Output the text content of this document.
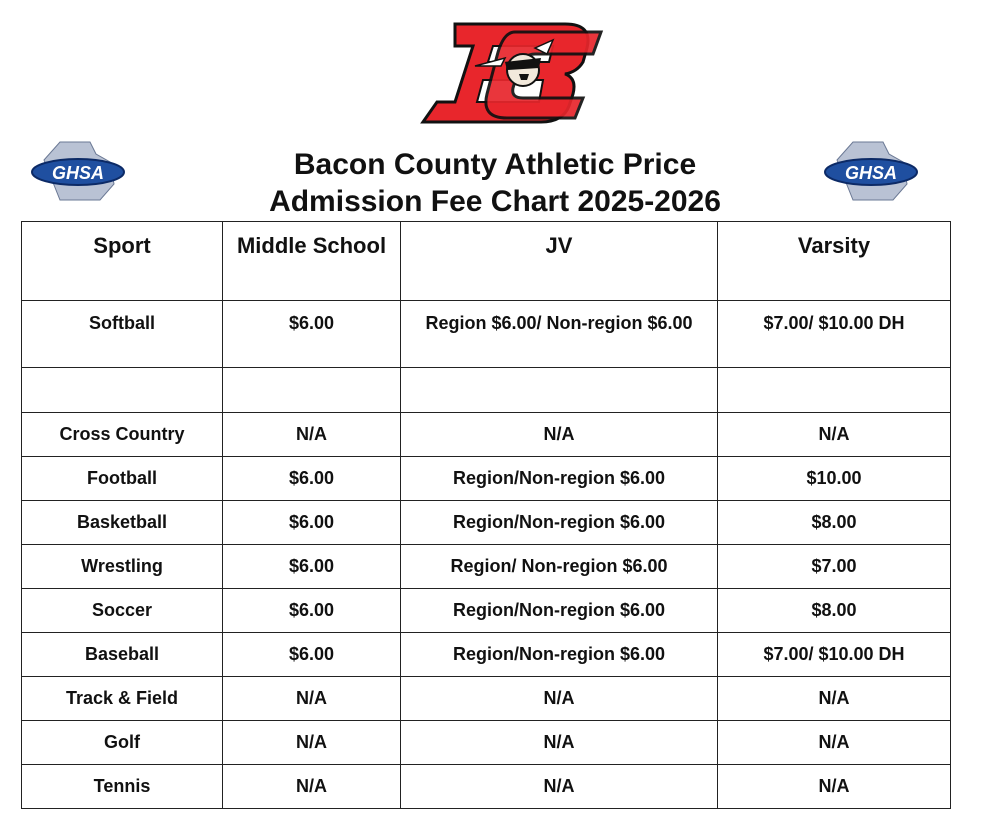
GHSA	GHSA
Bacon County Athletic Price
Admission Fee Chart 2025-2026
Sport	Middle School	JV	Varsity
Softball	$6.00	Region $6.00/ Non-region $6.00	$7.00/ $10.00 DH

Cross Country	N/A	N/A	N/A
Football	$6.00	Region/Non-region $6.00	$10.00
Basketball	$6.00	Region/Non-region $6.00	$8.00
Wrestling	$6.00	Region/ Non-region $6.00	$7.00
Soccer	$6.00	Region/Non-region $6.00	$8.00
Baseball	$6.00	Region/Non-region $6.00	$7.00/ $10.00 DH
Track & Field	N/A	N/A	N/A
Golf	N/A	N/A	N/A
Tennis	N/A	N/A	N/A
